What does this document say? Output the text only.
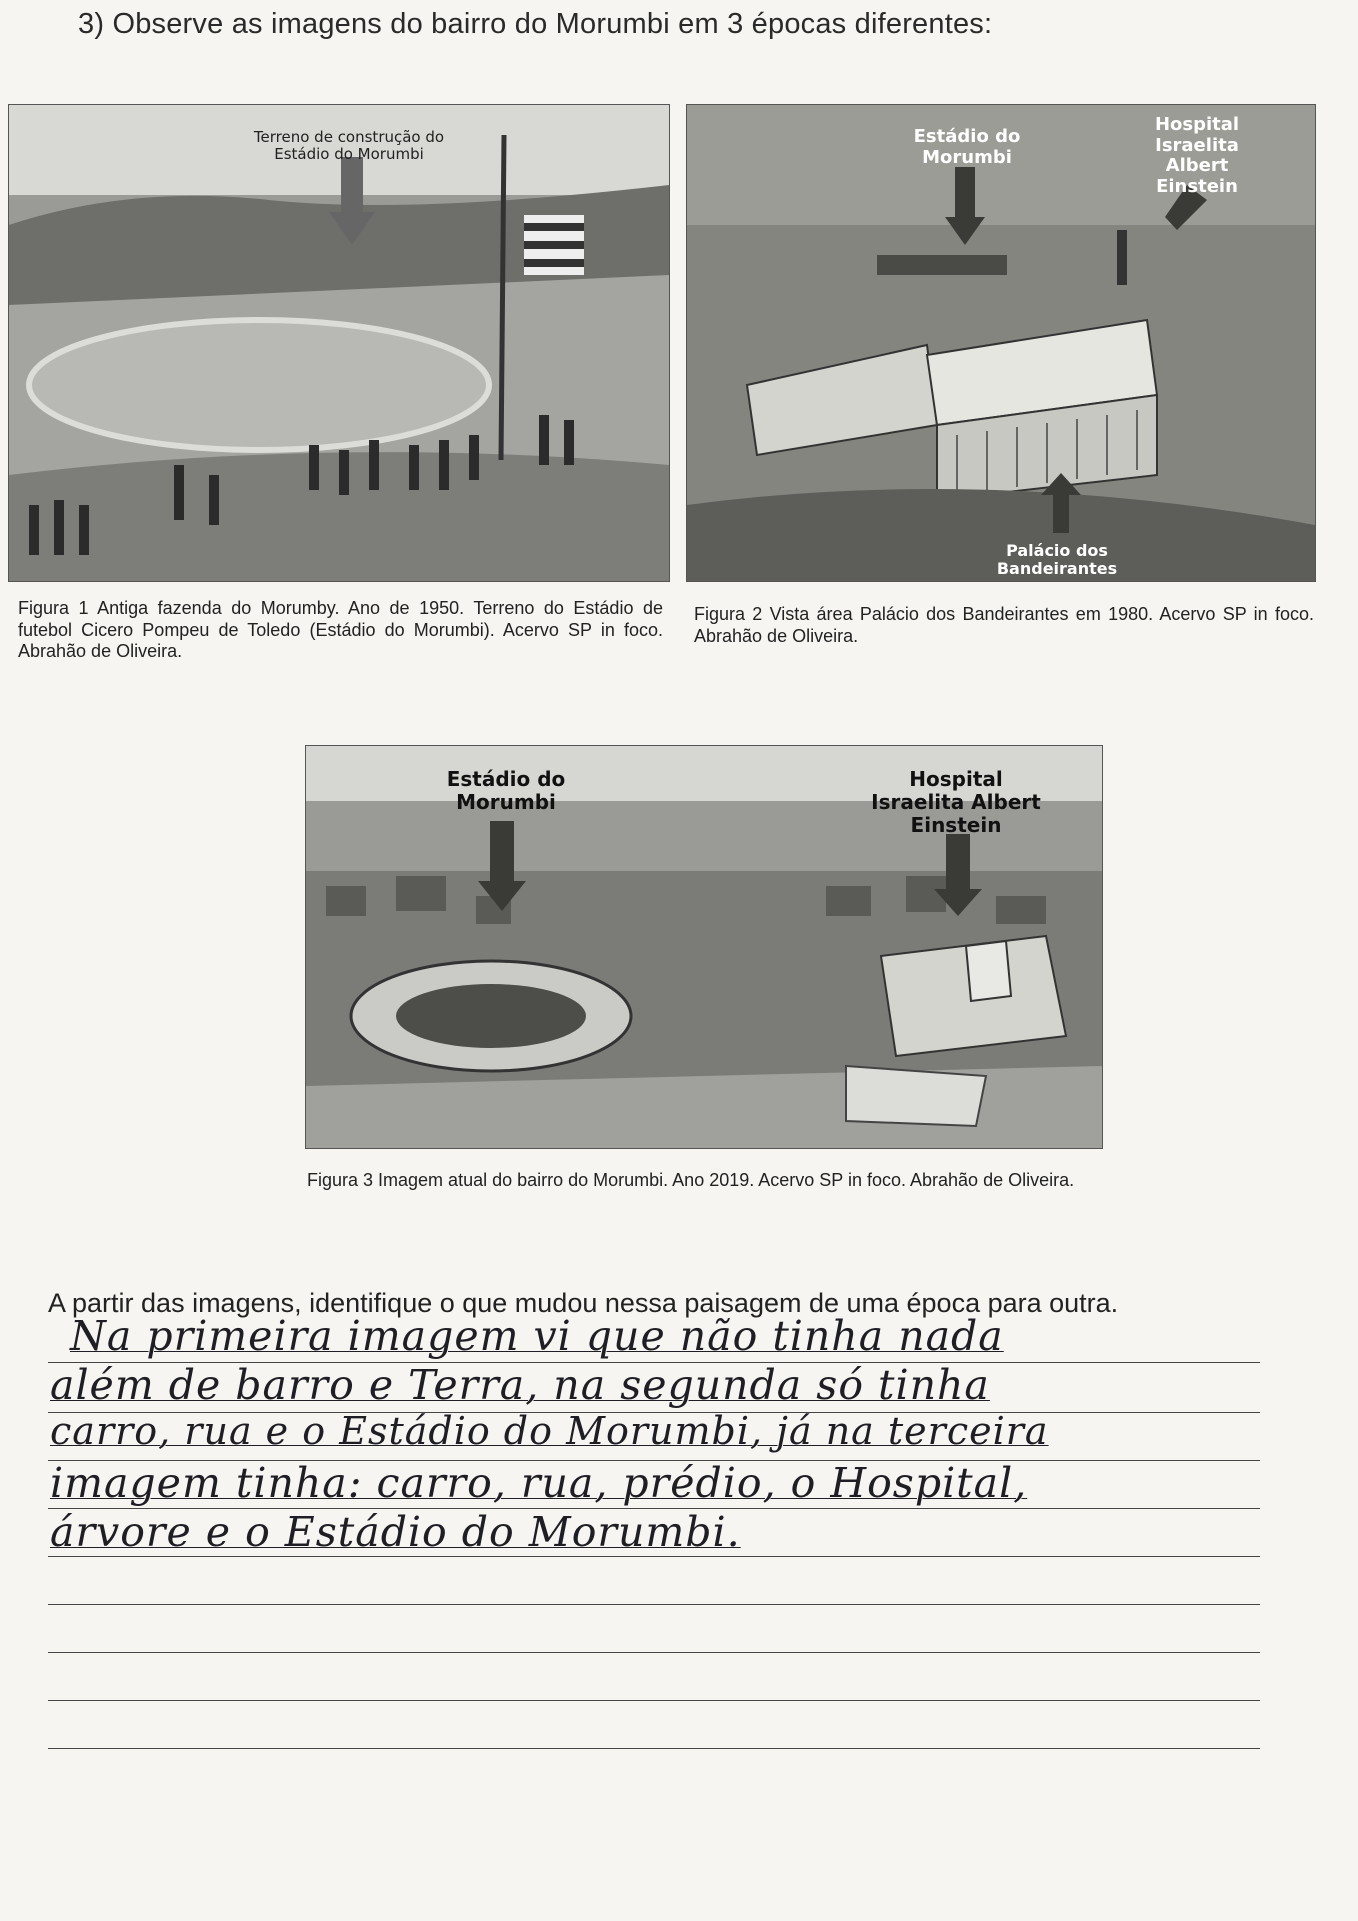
3) Observe as imagens do bairro do Morumbi em 3 épocas diferentes:
Terreno de construção do Estádio do Morumbi
Figura 1 Antiga fazenda do Morumby. Ano de 1950. Terreno do Estádio de futebol Cicero Pompeu de Toledo (Estádio do Morumbi). Acervo SP in foco. Abrahão de Oliveira.
Estádio do Morumbi
Hospital Israelita Albert Einstein
Palácio dos Bandeirantes
Figura 2 Vista área Palácio dos Bandeirantes em 1980. Acervo SP in foco. Abrahão de Oliveira.
Estádio do Morumbi
Hospital Israelita Albert Einstein
Figura 3 Imagem atual do bairro do Morumbi. Ano 2019. Acervo SP in foco. Abrahão de Oliveira.
A partir das imagens, identifique o que mudou nessa paisagem de uma época para outra.
Na primeira imagem vi que não tinha nada
além de barro e Terra, na segunda só tinha
carro, rua e o Estádio do Morumbi, já na terceira
imagem tinha: carro, rua, prédio, o Hospital,
árvore e o Estádio do Morumbi.
